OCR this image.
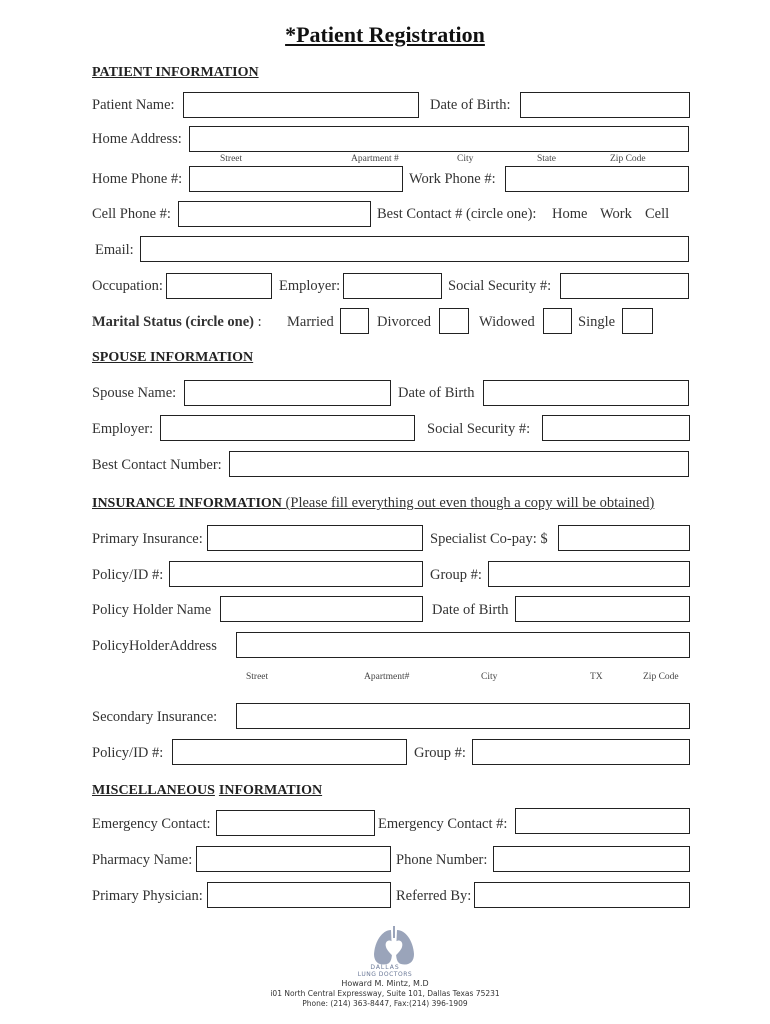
*Patient Registration
PATIENT INFORMATION
Patient Name:	Date of Birth:
Home Address:
Street	Apartment #	City	State	Zip Code
Home Phone #:	Work Phone #:
Cell Phone #:	Best Contact # (circle one): Home Work Cell
Email:
Occupation:	Employer:	Social Security #:
Marital Status (circle one) : Married	Divorced	Widowed	Single
SPOUSE INFORMATION
Spouse Name:	Date of Birth
Employer:	Social Security #:
Best Contact Number:
INSURANCE INFORMATION (Please fill everything out even though a copy will be obtained)
Primary Insurance:	Specialist Co-pay: $
Policy/ID #:	Group #:
Policy Holder Name	Date of Birth
PolicyHolderAddress
Street	Apartment#	City	TX	Zip Code
Secondary Insurance:
Policy/ID #:	Group #:
MISCELLANEOUS INFORMATION
Emergency Contact:	Emergency Contact #:
Pharmacy Name:	Phone Number:
Primary Physician:	Referred By:
DALLAS
LUNG DOCTORS
Howard M. Mintz, M.D
i01 North Central Expressway, Suite 101, Dallas Texas 75231
Phone: (214) 363-8447, Fax:(214) 396-1909
